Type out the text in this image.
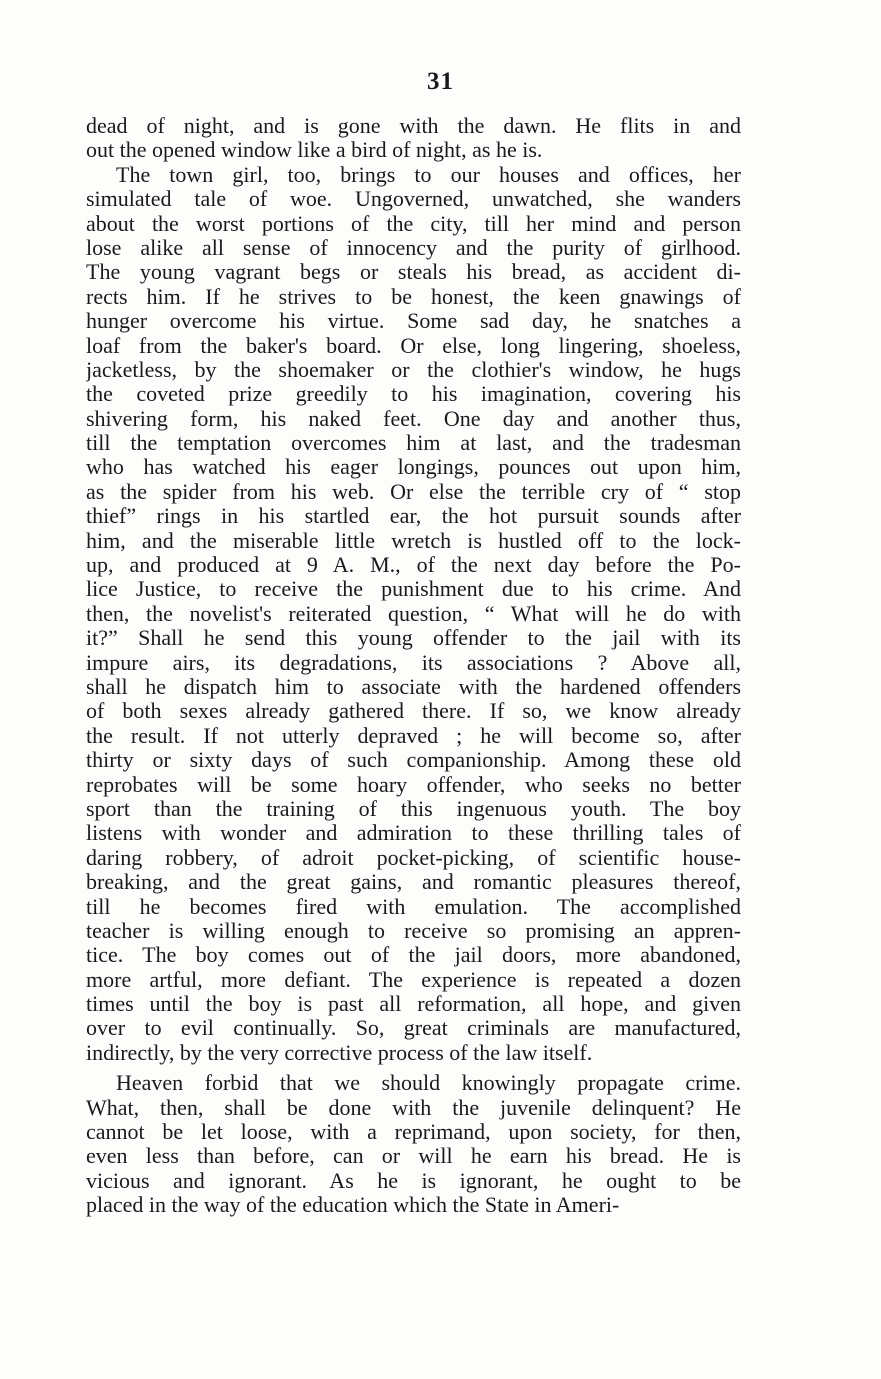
31
dead of night, and is gone with the dawn. He flits in and
out the opened window like a bird of night, as he is.
The town girl, too, brings to our houses and offices, her
simulated tale of woe. Ungoverned, unwatched, she wanders
about the worst portions of the city, till her mind and person
lose alike all sense of innocency and the purity of girlhood.
The young vagrant begs or steals his bread, as accident di-
rects him. If he strives to be honest, the keen gnawings of
hunger overcome his virtue. Some sad day, he snatches a
loaf from the baker's board. Or else, long lingering, shoeless,
jacketless, by the shoemaker or the clothier's window, he hugs
the coveted prize greedily to his imagination, covering his
shivering form, his naked feet. One day and another thus,
till the temptation overcomes him at last, and the tradesman
who has watched his eager longings, pounces out upon him,
as the spider from his web. Or else the terrible cry of “ stop
thief” rings in his startled ear, the hot pursuit sounds after
him, and the miserable little wretch is hustled off to the lock-
up, and produced at 9 A. M., of the next day before the Po-
lice Justice, to receive the punishment due to his crime. And
then, the novelist's reiterated question, “ What will he do with
it?” Shall he send this young offender to the jail with its
impure airs, its degradations, its associations ? Above all,
shall he dispatch him to associate with the hardened offenders
of both sexes already gathered there. If so, we know already
the result. If not utterly depraved ; he will become so, after
thirty or sixty days of such companionship. Among these old
reprobates will be some hoary offender, who seeks no better
sport than the training of this ingenuous youth. The boy
listens with wonder and admiration to these thrilling tales of
daring robbery, of adroit pocket-picking, of scientific house-
breaking, and the great gains, and romantic pleasures thereof,
till he becomes fired with emulation. The accomplished
teacher is willing enough to receive so promising an appren-
tice. The boy comes out of the jail doors, more abandoned,
more artful, more defiant. The experience is repeated a dozen
times until the boy is past all reformation, all hope, and given
over to evil continually. So, great criminals are manufactured,
indirectly, by the very corrective process of the law itself.
Heaven forbid that we should knowingly propagate crime.
What, then, shall be done with the juvenile delinquent? He
cannot be let loose, with a reprimand, upon society, for then,
even less than before, can or will he earn his bread. He is
vicious and ignorant. As he is ignorant, he ought to be
placed in the way of the education which the State in Ameri-
